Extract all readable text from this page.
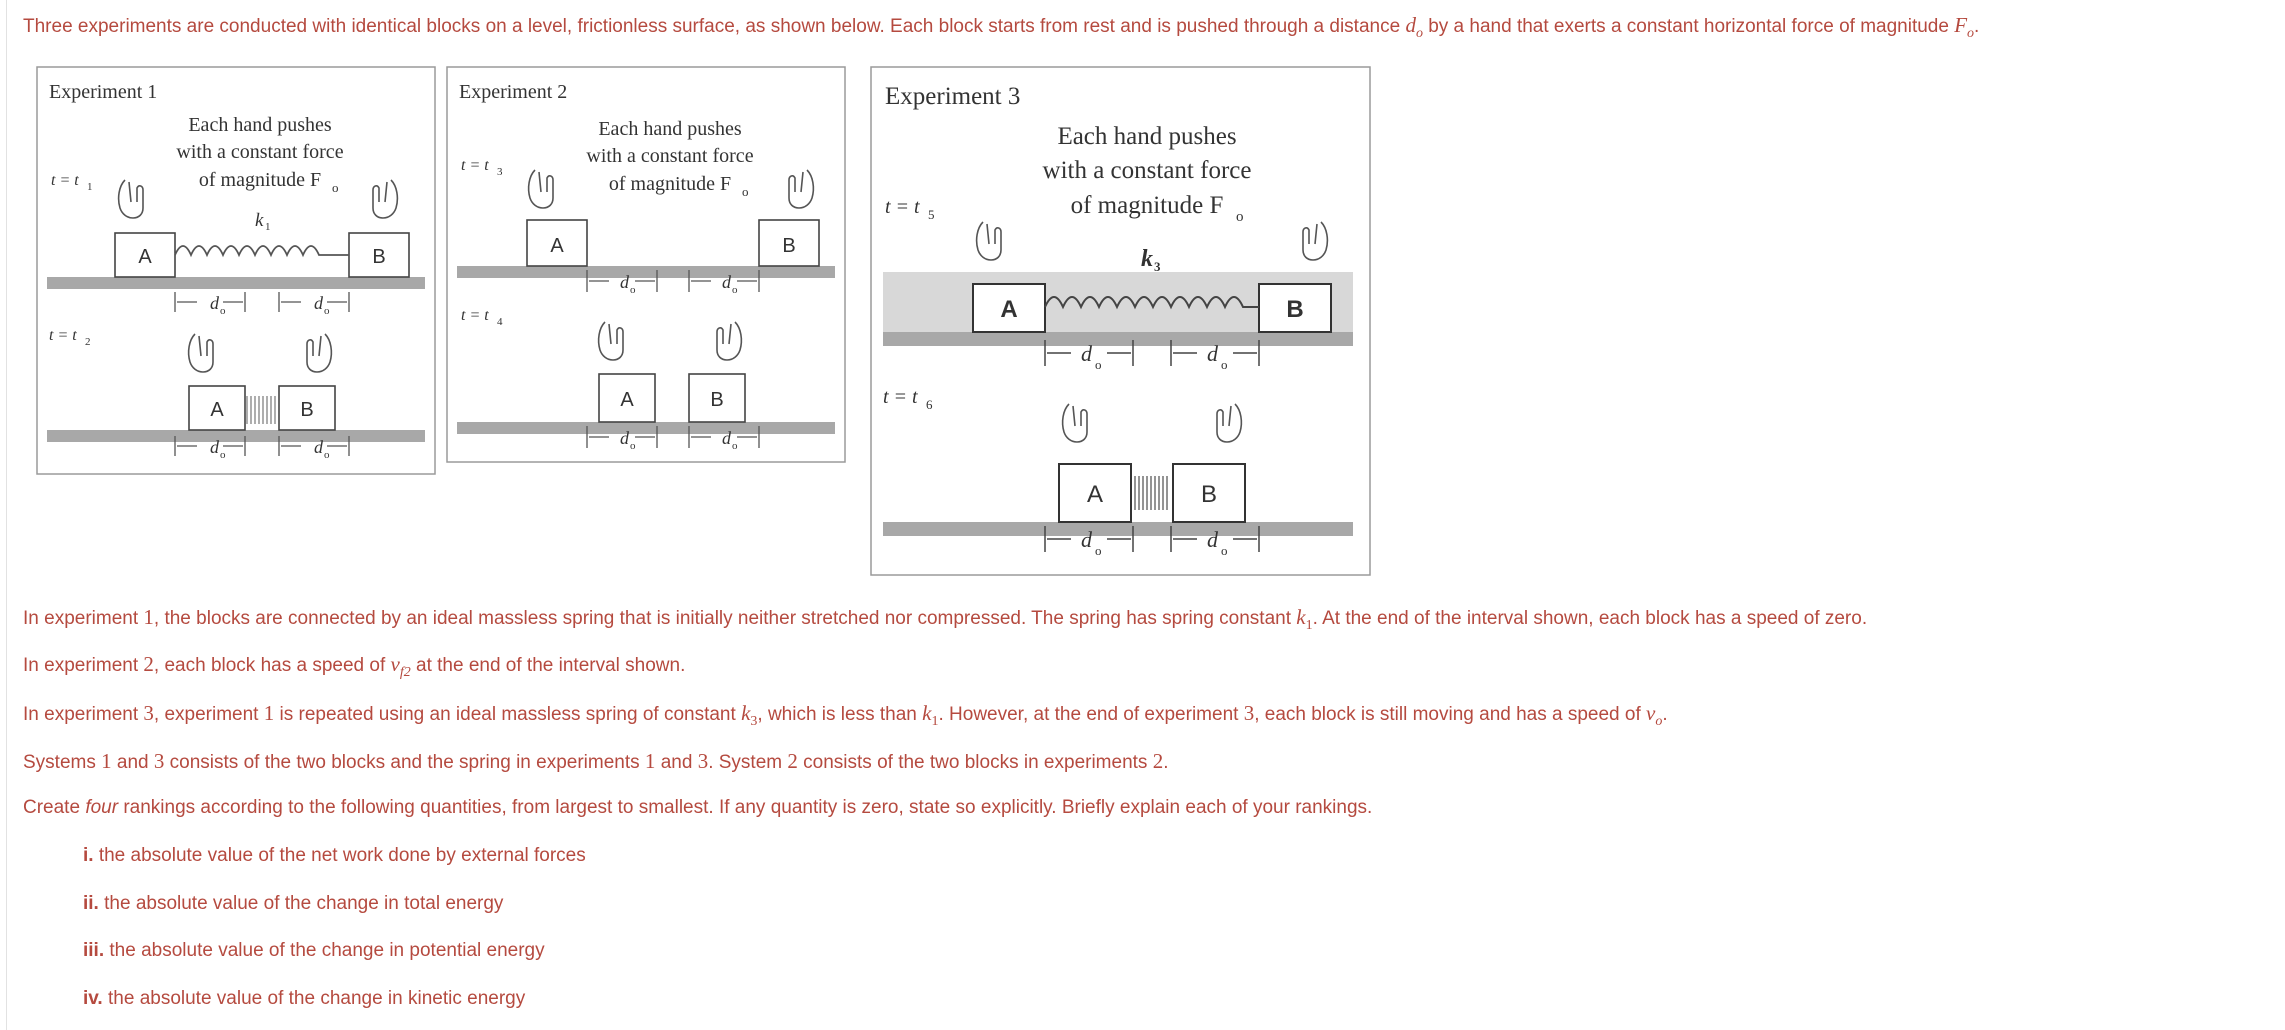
Three experiments are conducted with identical blocks on a level, frictionless surface, as shown below. Each block starts from rest and is pushed through a distance $d_o$ by a hand that exerts a constant horizontal force of magnitude $F_o$.

Experiment 1
Each hand pushes
with a constant force
of magnitude F o
t = t 1
A	B
k 1
d o	d o
t = t 2
A	B
d o	d o
Experiment 2
Each hand pushes
with a constant force
of magnitude F o
t = t 3
A	B
d o	d o
t = t 4
A	B
d o	d o
Experiment 3
Each hand pushes
with a constant force
of magnitude F o
t = t 5
A	B
k 3
d o	d o
t = t 6
A	B
d o	d o

In experiment 1, the blocks are connected by an ideal massless spring that is initially neither stretched nor compressed. The spring has spring constant $k_1$. At the end of the interval shown, each block has a speed of zero.

In experiment 2, each block has a speed of $v_{f2}$ at the end of the interval shown.

In experiment 3, experiment 1 is repeated using an ideal massless spring of constant $k_3$, which is less than $k_1$. However, at the end of experiment 3, each block is still moving and has a speed of $v_o$.

Systems 1 and 3 consists of the two blocks and the spring in experiments 1 and 3. System 2 consists of the two blocks in experiments 2.

Create four rankings according to the following quantities, from largest to smallest. If any quantity is zero, state so explicitly. Briefly explain each of your rankings.

i. the absolute value of the net work done by external forces

ii. the absolute value of the change in total energy

iii. the absolute value of the change in potential energy

iv. the absolute value of the change in kinetic energy
